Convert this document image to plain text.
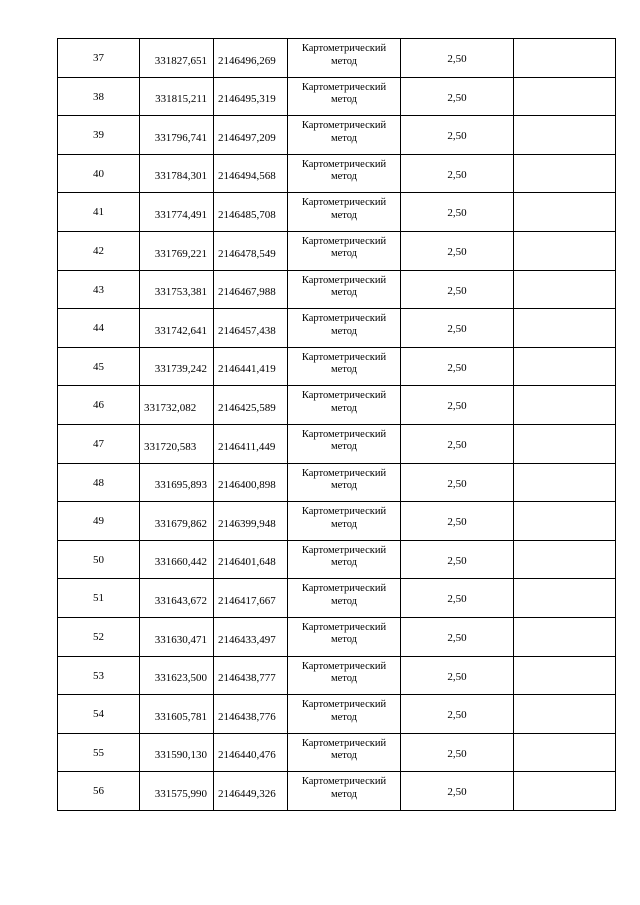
37	331827,651	2146496,269	Картометрический метод	2,50	

38	331815,211	2146495,319	Картометрический метод	2,50	

39	331796,741	2146497,209	Картометрический метод	2,50	

40	331784,301	2146494,568	Картометрический метод	2,50	

41	331774,491	2146485,708	Картометрический метод	2,50	

42	331769,221	2146478,549	Картометрический метод	2,50	

43	331753,381	2146467,988	Картометрический метод	2,50	

44	331742,641	2146457,438	Картометрический метод	2,50	

45	331739,242	2146441,419	Картометрический метод	2,50	

46	331732,082	2146425,589	Картометрический метод	2,50	

47	331720,583	2146411,449	Картометрический метод	2,50	

48	331695,893	2146400,898	Картометрический метод	2,50	

49	331679,862	2146399,948	Картометрический метод	2,50	

50	331660,442	2146401,648	Картометрический метод	2,50	

51	331643,672	2146417,667	Картометрический метод	2,50	

52	331630,471	2146433,497	Картометрический метод	2,50	

53	331623,500	2146438,777	Картометрический метод	2,50	

54	331605,781	2146438,776	Картометрический метод	2,50	

55	331590,130	2146440,476	Картометрический метод	2,50	

56	331575,990	2146449,326	Картометрический метод	2,50	
